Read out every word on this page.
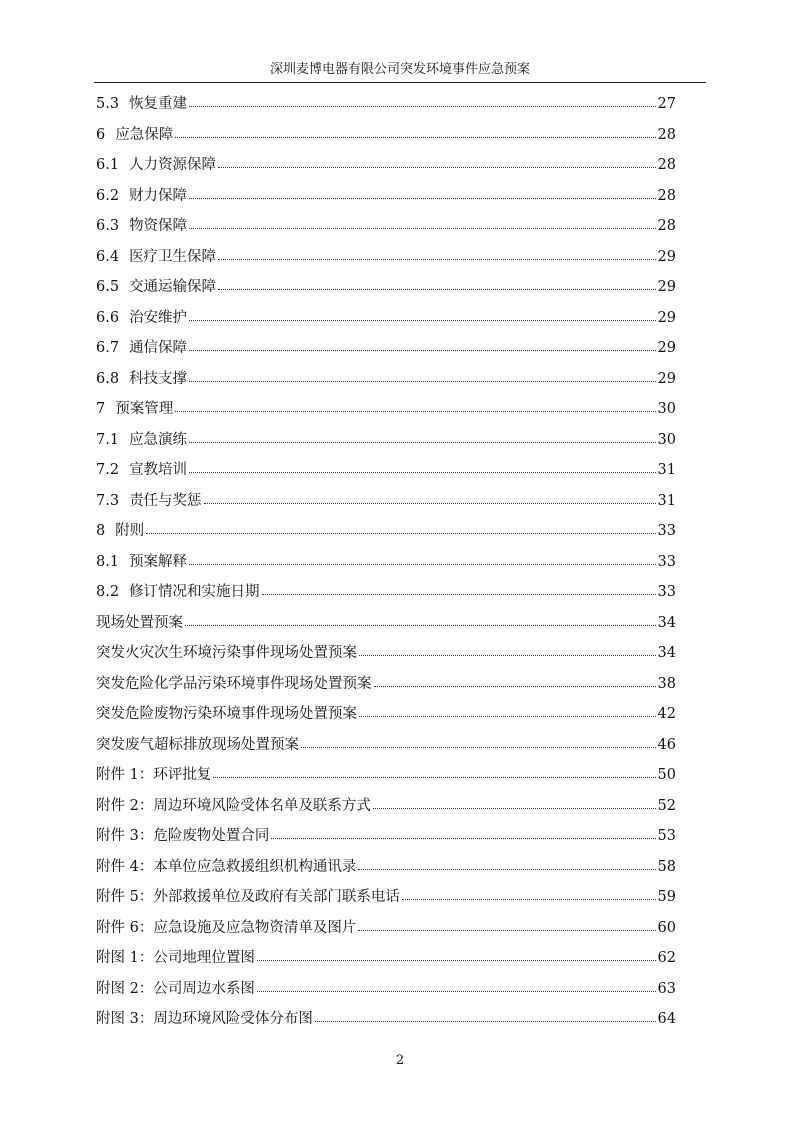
深圳麦博电器有限公司突发环境事件应急预案
5.3 恢复重建	27
6 应急保障	28
6.1 人力资源保障	28
6.2 财力保障	28
6.3 物资保障	28
6.4 医疗卫生保障	29
6.5 交通运输保障	29
6.6 治安维护	29
6.7 通信保障	29
6.8 科技支撑	29
7 预案管理	30
7.1 应急演练	30
7.2 宣教培训	31
7.3 责任与奖惩	31
8 附则	33
8.1 预案解释	33
8.2 修订情况和实施日期	33
现场处置预案	34
突发火灾次生环境污染事件现场处置预案	34
突发危险化学品污染环境事件现场处置预案	38
突发危险废物污染环境事件现场处置预案	42
突发废气超标排放现场处置预案	46
附件 1：环评批复	50
附件 2：周边环境风险受体名单及联系方式	52
附件 3：危险废物处置合同	53
附件 4：本单位应急救援组织机构通讯录	58
附件 5：外部救援单位及政府有关部门联系电话	59
附件 6：应急设施及应急物资清单及图片	60
附图 1：公司地理位置图	62
附图 2：公司周边水系图	63
附图 3：周边环境风险受体分布图	64
2
